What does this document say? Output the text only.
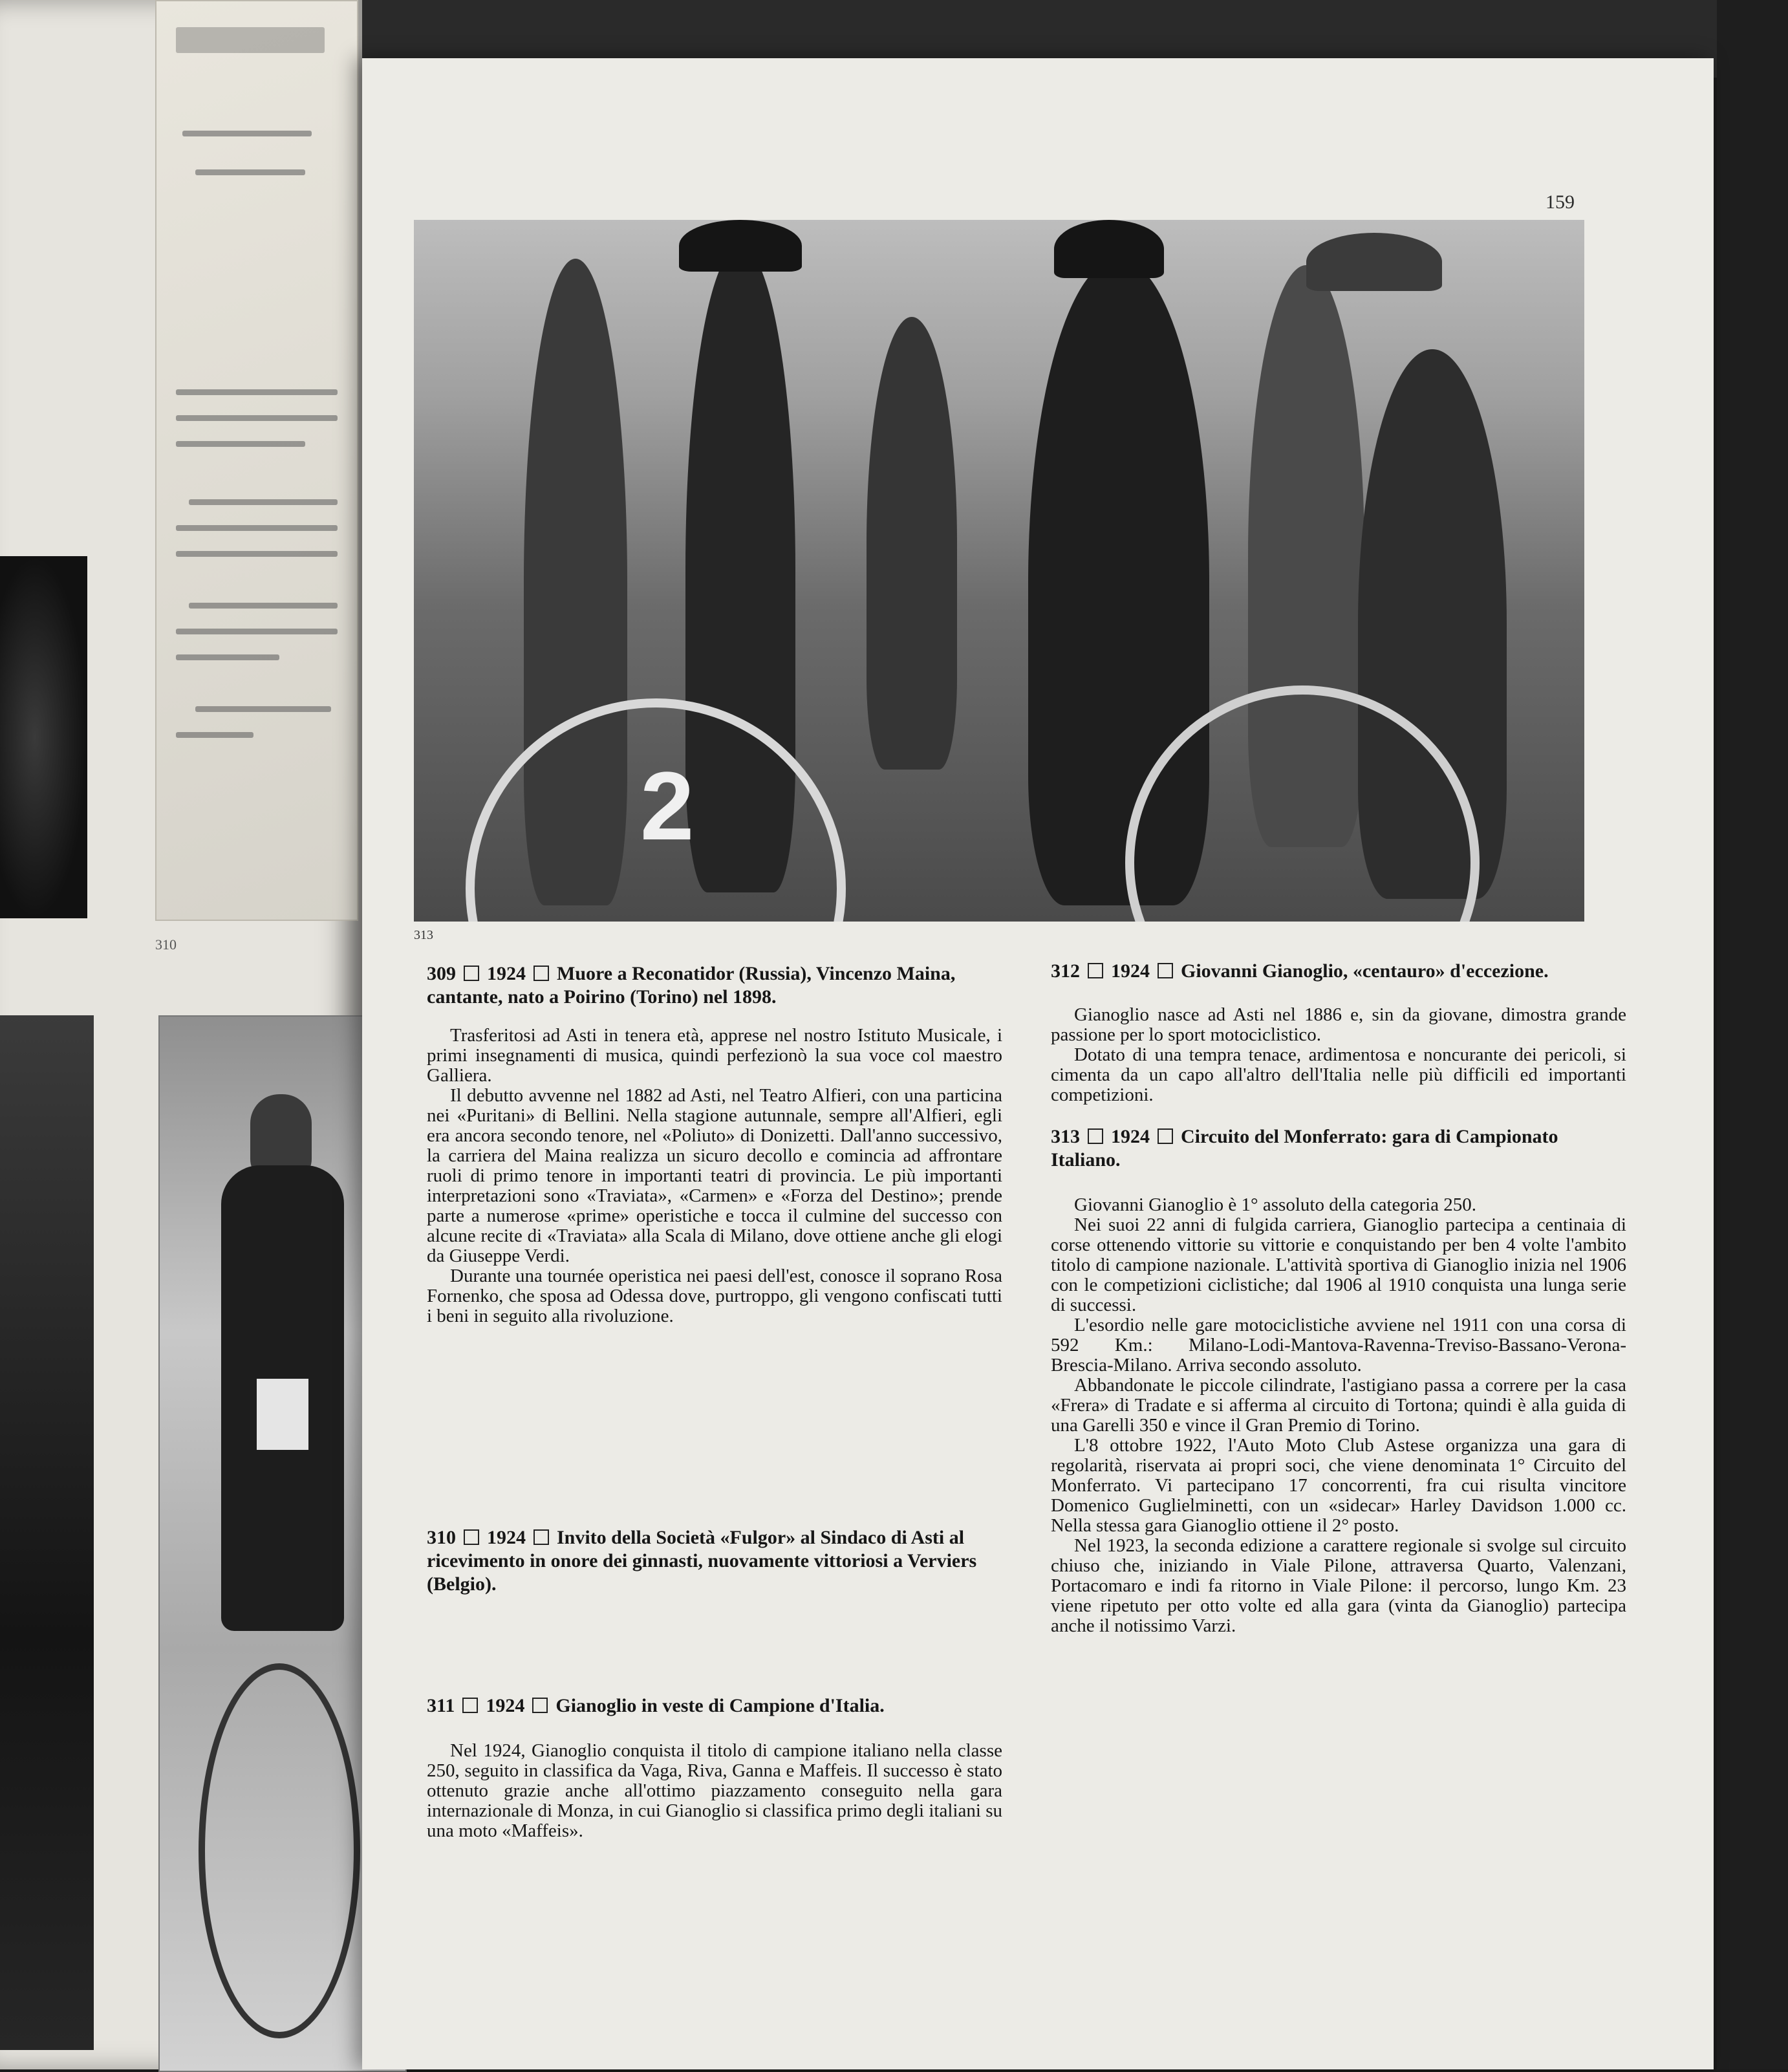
310
159
2
313
309 1924 Muore a Reconatidor (Russia), Vincenzo Maina, cantante, nato a Poirino (Torino) nel 1898.

Trasferitosi ad Asti in tenera età, apprese nel nostro Istituto Musicale, i primi insegnamenti di musica, quindi perfezionò la sua voce col maestro Galliera.

Il debutto avvenne nel 1882 ad Asti, nel Teatro Alfieri, con una particina nei «Puritani» di Bellini. Nella stagione autunnale, sempre all'Alfieri, egli era ancora secondo tenore, nel «Poliuto» di Donizetti. Dall'anno successivo, la carriera del Maina realizza un sicuro decollo e comincia ad affrontare ruoli di primo tenore in importanti teatri di provincia. Le più importanti interpretazioni sono «Traviata», «Carmen» e «Forza del Destino»; prende parte a numerose «prime» operistiche e tocca il culmine del successo con alcune recite di «Traviata» alla Scala di Milano, dove ottiene anche gli elogi da Giuseppe Verdi.

Durante una tournée operistica nei paesi dell'est, conosce il soprano Rosa Fornenko, che sposa ad Odessa dove, purtroppo, gli vengono confiscati tutti i beni in seguito alla rivoluzione.

310 1924 Invito della Società «Fulgor» al Sindaco di Asti al ricevimento in onore dei ginnasti, nuovamente vittoriosi a Verviers (Belgio).
311 1924 Gianoglio in veste di Campione d'Italia.

Nel 1924, Gianoglio conquista il titolo di campione italiano nella classe 250, seguito in classifica da Vaga, Riva, Ganna e Maffeis. Il successo è stato ottenuto grazie anche all'ottimo piazzamento conseguito nella gara internazionale di Monza, in cui Gianoglio si classifica primo degli italiani su una moto «Maffeis».

312 1924 Giovanni Gianoglio, «centauro» d'eccezione.

Gianoglio nasce ad Asti nel 1886 e, sin da giovane, dimostra grande passione per lo sport motociclistico.

Dotato di una tempra tenace, ardimentosa e noncurante dei pericoli, si cimenta da un capo all'altro dell'Italia nelle più difficili ed importanti competizioni.

313 1924 Circuito del Monferrato: gara di Campionato Italiano.

Giovanni Gianoglio è 1° assoluto della categoria 250.

Nei suoi 22 anni di fulgida carriera, Gianoglio partecipa a centinaia di corse ottenendo vittorie su vittorie e conquistando per ben 4 volte l'ambito titolo di campione nazionale. L'attività sportiva di Gianoglio inizia nel 1906 con le competizioni ciclistiche; dal 1906 al 1910 conquista una lunga serie di successi.

L'esordio nelle gare motociclistiche avviene nel 1911 con una corsa di 592 Km.: Milano-Lodi-Mantova-Ravenna-Treviso-Bassano-Verona-Brescia-Milano. Arriva secondo assoluto.

Abbandonate le piccole cilindrate, l'astigiano passa a correre per la casa «Frera» di Tradate e si afferma al circuito di Tortona; quindi è alla guida di una Garelli 350 e vince il Gran Premio di Torino.

L'8 ottobre 1922, l'Auto Moto Club Astese organizza una gara di regolarità, riservata ai propri soci, che viene denominata 1° Circuito del Monferrato. Vi partecipano 17 concorrenti, fra cui risulta vincitore Domenico Guglielminetti, con un «sidecar» Harley Davidson 1.000 cc. Nella stessa gara Gianoglio ottiene il 2° posto.

Nel 1923, la seconda edizione a carattere regionale si svolge sul circuito chiuso che, iniziando in Viale Pilone, attraversa Quarto, Valenzani, Portacomaro e indi fa ritorno in Viale Pilone: il percorso, lungo Km. 23 viene ripetuto per otto volte ed alla gara (vinta da Gianoglio) partecipa anche il notissimo Varzi.
